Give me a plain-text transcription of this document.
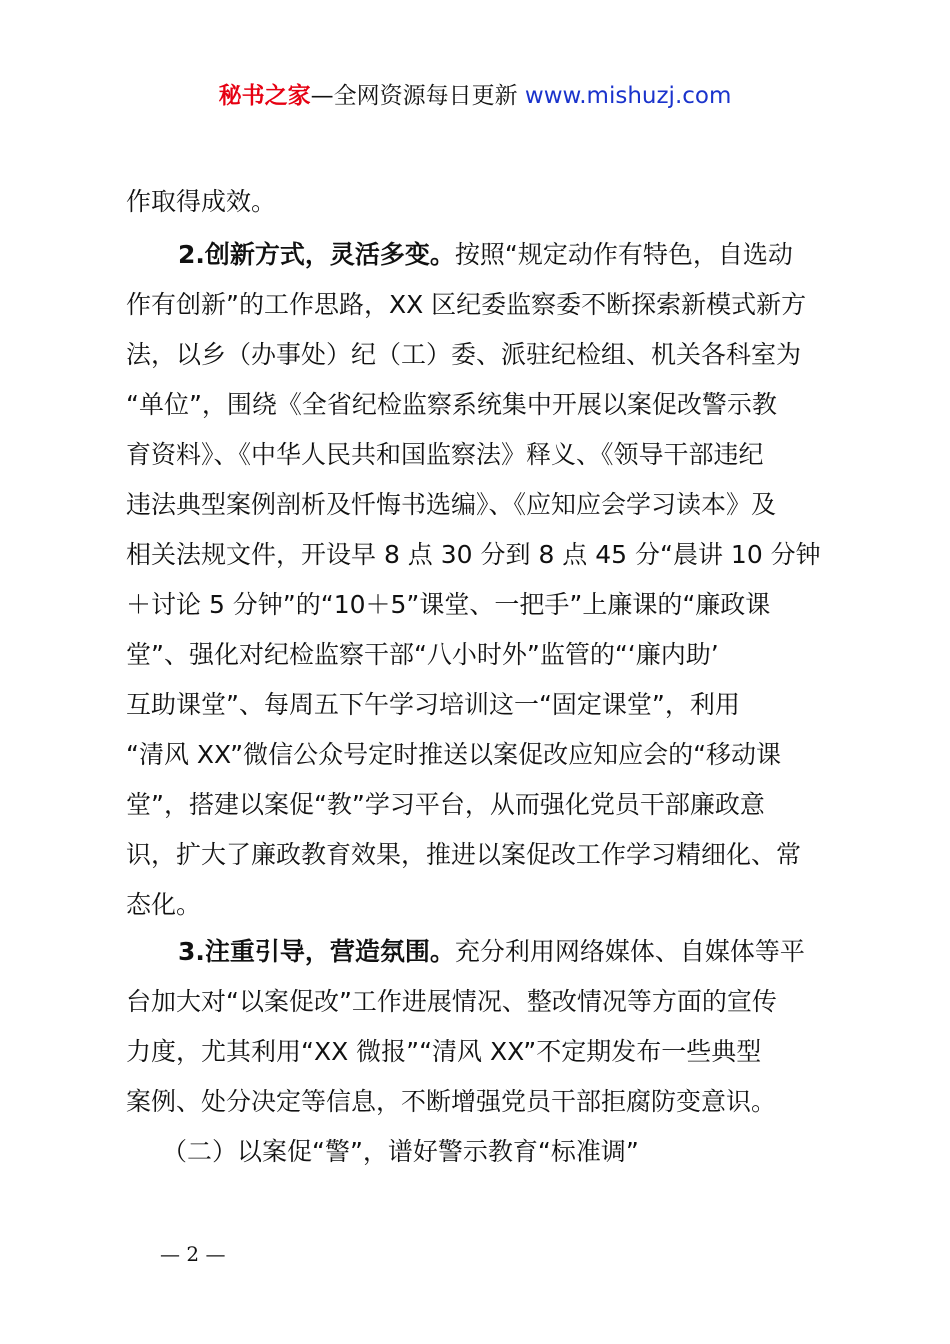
秘书之家—全网资源每日更新 www.mishuzj.com
作取得成效。
2.创新方式，灵活多变。按照“规定动作有特色，自选动
作有创新”的工作思路，XX 区纪委监察委不断探索新模式新方
法，以乡（办事处）纪（工）委、派驻纪检组、机关各科室为
“单位”，围绕《全省纪检监察系统集中开展以案促改警示教
育资料》、《中华人民共和国监察法》释义、《领导干部违纪
违法典型案例剖析及忏悔书选编》、《应知应会学习读本》及
相关法规文件，开设早 8 点 30 分到 8 点 45 分“晨讲 10 分钟
＋讨论 5 分钟”的“10＋5”课堂、一把手”上廉课的“廉政课
堂”、强化对纪检监察干部“八小时外”监管的“‘廉内助’
互助课堂”、每周五下午学习培训这一“固定课堂”，利用
“清风 XX”微信公众号定时推送以案促改应知应会的“移动课
堂”，搭建以案促“教”学习平台，从而强化党员干部廉政意
识，扩大了廉政教育效果，推进以案促改工作学习精细化、常
态化。
3.注重引导，营造氛围。充分利用网络媒体、自媒体等平
台加大对“以案促改”工作进展情况、整改情况等方面的宣传
力度，尤其利用“XX 微报”“清风 XX”不定期发布一些典型
案例、处分决定等信息，不断增强党员干部拒腐防变意识。
（二）以案促“警”，谱好警示教育“标准调”
— 2 —
